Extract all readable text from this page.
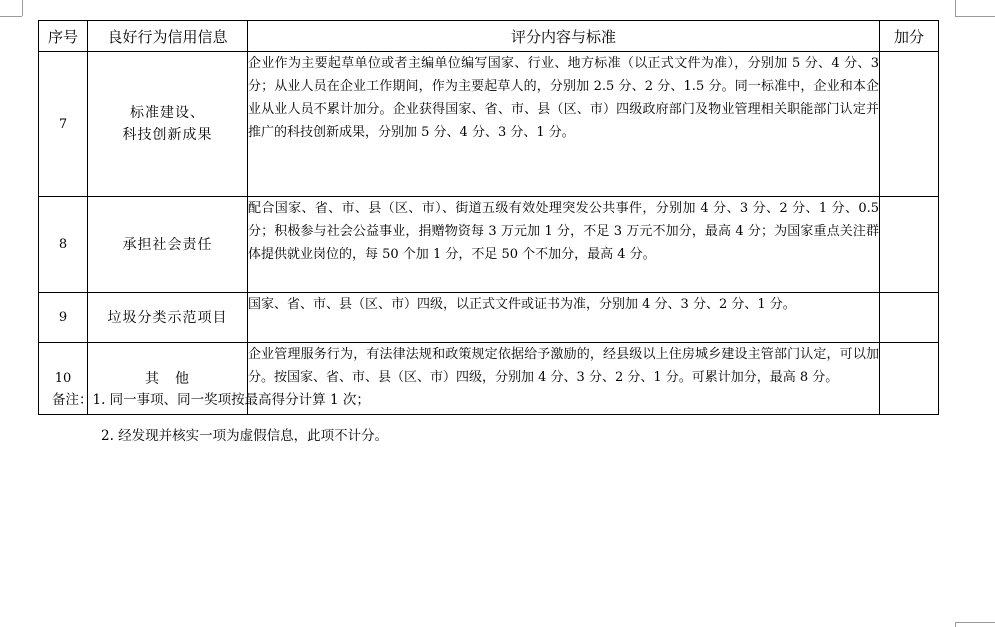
序号	良好行为信用信息	评分内容与标准	加分
7	标准建设、
科技创新成果	企业作为主要起草单位或者主编单位编写国家、行业、地方标准（以正式文件为准），分别加 5 分、4 分、3 分；从业人员在企业工作期间，作为主要起草人的，分别加 2.5 分、2 分、1.5 分。同一标准中，企业和本企业从业人员不累计加分。企业获得国家、省、市、县（区、市）四级政府部门及物业管理相关职能部门认定并推广的科技创新成果，分别加 5 分、4 分、3 分、1 分。	
8	承担社会责任	配合国家、省、市、县（区、市）、街道五级有效处理突发公共事件，分别加 4 分、3 分、2 分、1 分、0.5 分；积极参与社会公益事业，捐赠物资每 3 万元加 1 分，不足 3 万元不加分，最高 4 分；为国家重点关注群体提供就业岗位的，每 50 个加 1 分，不足 50 个不加分，最高 4 分。	
9	垃圾分类示范项目	国家、省、市、县（区、市）四级，以正式文件或证书为准，分别加 4 分、3 分、2 分、1 分。	
10	其　他	企业管理服务行为，有法律法规和政策规定依据给予激励的，经县级以上住房城乡建设主管部门认定，可以加分。按国家、省、市、县（区、市）四级，分别加 4 分、3 分、2 分、1 分。可累计加分，最高 8 分。	
备注：1. 同一事项、同一奖项按最高得分计算 1 次；
2. 经发现并核实一项为虚假信息，此项不计分。
